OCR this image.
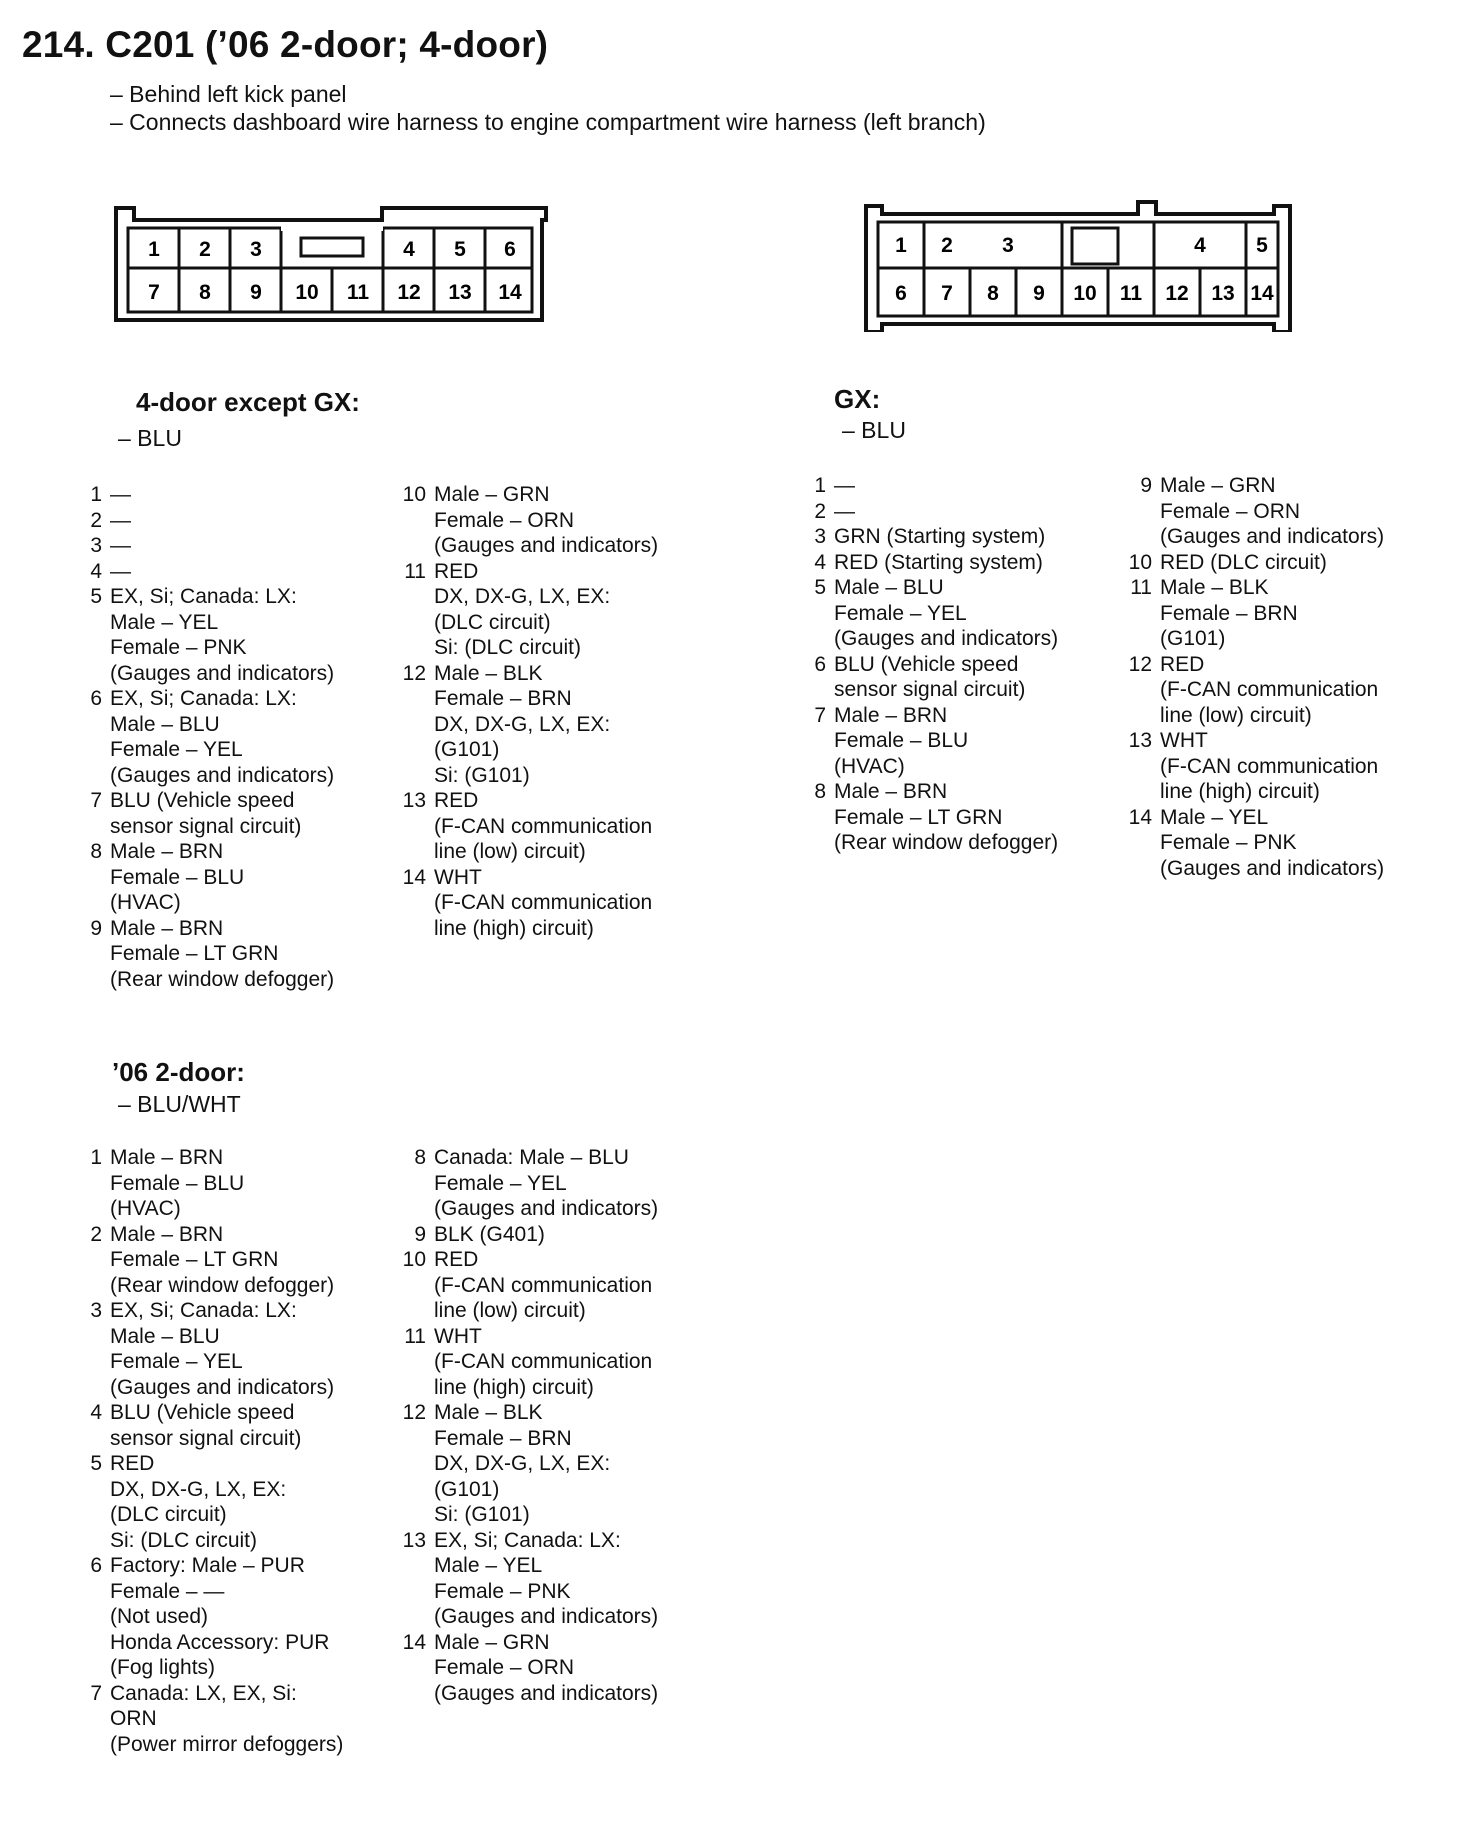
214. C201 (’06 2-door; 4-door)
– Behind left kick panel
– Connects dashboard wire harness to engine compartment wire harness (left branch)
1 2 3	4 5 6
7 8 9 10 11 12 13 14
1 2 3	4 5
6 7 8 9 10 11 12 13 14
4-door except GX:
– BLU
1 —
2 —
3 —
4 —
5 EX, Si; Canada: LX:
Male – YEL
Female – PNK
(Gauges and indicators)
6 EX, Si; Canada: LX:
Male – BLU
Female – YEL
(Gauges and indicators)
7 BLU (Vehicle speed
sensor signal circuit)
8 Male – BRN
Female – BLU
(HVAC)
9 Male – BRN
Female – LT GRN
(Rear window defogger)
10 Male – GRN
Female – ORN
(Gauges and indicators)
11 RED
DX, DX-G, LX, EX:
(DLC circuit)
Si: (DLC circuit)
12 Male – BLK
Female – BRN
DX, DX-G, LX, EX:
(G101)
Si: (G101)
13 RED
(F-CAN communication
line (low) circuit)
14 WHT
(F-CAN communication
line (high) circuit)
GX:
– BLU
1 —
2 —
3 GRN (Starting system)
4 RED (Starting system)
5 Male – BLU
Female – YEL
(Gauges and indicators)
6 BLU (Vehicle speed
sensor signal circuit)
7 Male – BRN
Female – BLU
(HVAC)
8 Male – BRN
Female – LT GRN
(Rear window defogger)
9 Male – GRN
Female – ORN
(Gauges and indicators)
10 RED (DLC circuit)
11 Male – BLK
Female – BRN
(G101)
12 RED
(F-CAN communication
line (low) circuit)
13 WHT
(F-CAN communication
line (high) circuit)
14 Male – YEL
Female – PNK
(Gauges and indicators)
’06 2-door:
– BLU/WHT
1 Male – BRN
Female – BLU
(HVAC)
2 Male – BRN
Female – LT GRN
(Rear window defogger)
3 EX, Si; Canada: LX:
Male – BLU
Female – YEL
(Gauges and indicators)
4 BLU (Vehicle speed
sensor signal circuit)
5 RED
DX, DX-G, LX, EX:
(DLC circuit)
Si: (DLC circuit)
6 Factory: Male – PUR
Female – —
(Not used)
Honda Accessory: PUR
(Fog lights)
7 Canada: LX, EX, Si:
ORN
(Power mirror defoggers)
8 Canada: Male – BLU
Female – YEL
(Gauges and indicators)
9 BLK (G401)
10 RED
(F-CAN communication
line (low) circuit)
11 WHT
(F-CAN communication
line (high) circuit)
12 Male – BLK
Female – BRN
DX, DX-G, LX, EX:
(G101)
Si: (G101)
13 EX, Si; Canada: LX:
Male – YEL
Female – PNK
(Gauges and indicators)
14 Male – GRN
Female – ORN
(Gauges and indicators)
